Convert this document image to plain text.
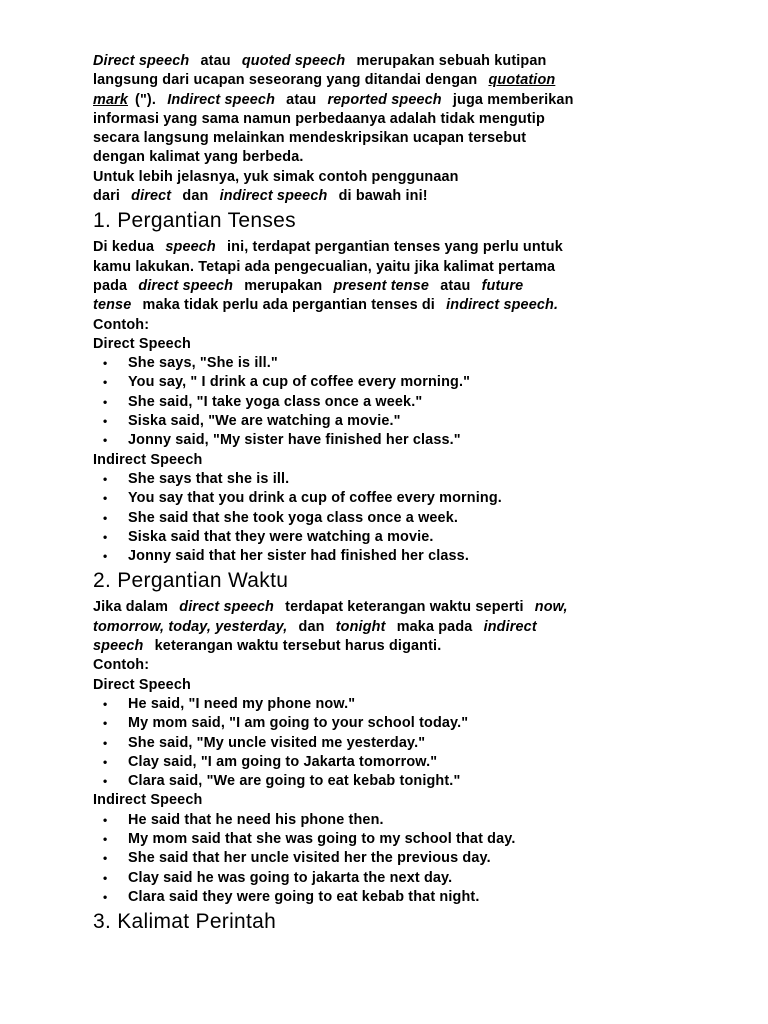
Direct speech atau quoted speech merupakan sebuah kutipan

langsung dari ucapan seseorang yang ditandai dengan quotation

mark ("). Indirect speech atau reported speech juga memberikan

informasi yang sama namun perbedaanya adalah tidak mengutip

secara langsung melainkan mendeskripsikan ucapan tersebut

dengan kalimat yang berbeda.

Untuk lebih jelasnya, yuk simak contoh penggunaan

dari direct dan indirect speech di bawah ini!

1. Pergantian Tenses

Di kedua speech ini, terdapat pergantian tenses yang perlu untuk

kamu lakukan. Tetapi ada pengecualian, yaitu jika kalimat pertama

pada direct speech merupakan present tense atau future

tense maka tidak perlu ada pergantian tenses di indirect speech.

Contoh:

Direct Speech

• She says, "She is ill."
• You say, " I drink a cup of coffee every morning."
• She said, "I take yoga class once a week."
• Siska said, "We are watching a movie."
• Jonny said, "My sister have finished her class."

Indirect Speech

• She says that she is ill.
• You say that you drink a cup of coffee every morning.
• She said that she took yoga class once a week.
• Siska said that they were watching a movie.
• Jonny said that her sister had finished her class.
2. Pergantian Waktu

Jika dalam direct speech terdapat keterangan waktu seperti now,

tomorrow, today, yesterday, dan tonight maka pada indirect

speech keterangan waktu tersebut harus diganti.

Contoh:

Direct Speech

• He said, "I need my phone now."
• My mom said, "I am going to your school today."
• She said, "My uncle visited me yesterday."
• Clay said, "I am going to Jakarta tomorrow."
• Clara said, "We are going to eat kebab tonight."

Indirect Speech

• He said that he need his phone then.
• My mom said that she was going to my school that day.
• She said that her uncle visited her the previous day.
• Clay said he was going to jakarta the next day.
• Clara said they were going to eat kebab that night.
3. Kalimat Perintah
